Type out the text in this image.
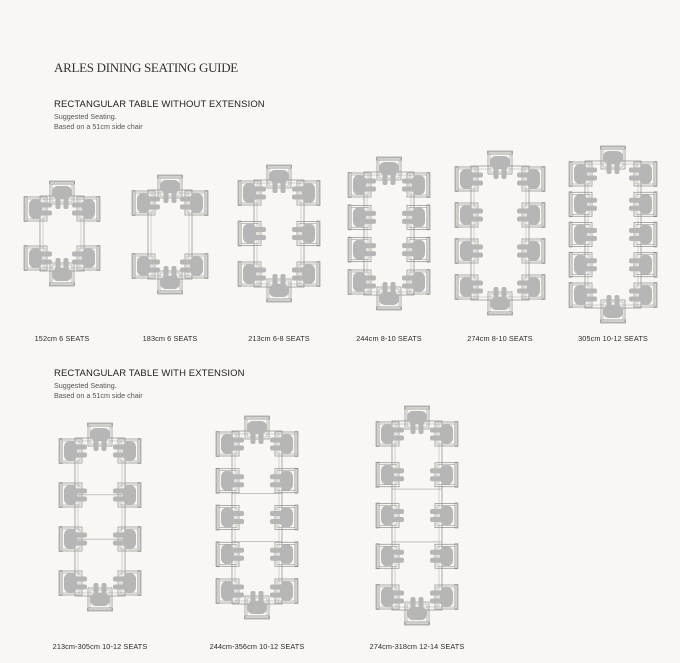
ARLES DINING SEATING GUIDE
RECTANGULAR TABLE WITHOUT EXTENSION
Suggested Seating.
Based on a 51cm side chair
RECTANGULAR TABLE WITH EXTENSION
Suggested Seating.
Based on a 51cm side chair
152cm 6 SEATS	183cm 6 SEATS	213cm 6-8 SEATS	244cm 8-10 SEATS	274cm 8-10 SEATS	305cm 10-12 SEATS
213cm-305cm 10-12 SEATS	244cm-356cm 10-12 SEATS	274cm-318cm 12-14 SEATS
